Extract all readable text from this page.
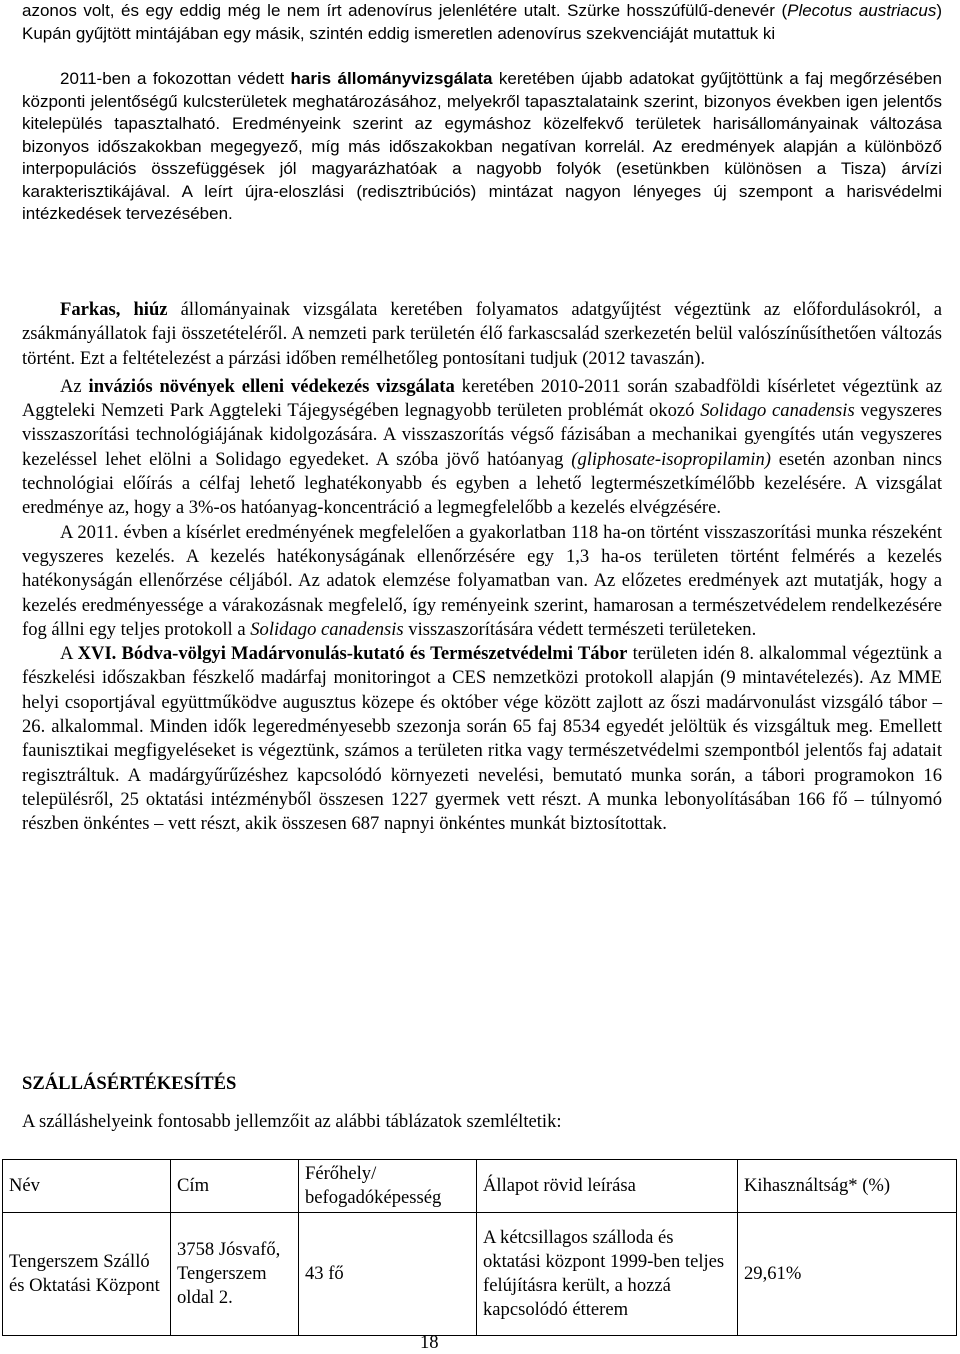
azonos volt, és egy eddig még le nem írt adenovírus jelenlétére utalt. Szürke hosszúfülű-denevér (Plecotus austriacus) Kupán gyűjtött mintájában egy másik, szintén eddig ismeretlen adenovírus szekvenciáját mutattuk ki

2011-ben a fokozottan védett haris állományvizsgálata keretében újabb adatokat gyűjtöttünk a faj megőrzésében központi jelentőségű kulcsterületek meghatározásához, melyekről tapasztalataink szerint, bizonyos években igen jelentős kitelepülés tapasztalható. Eredményeink szerint az egymáshoz közelfekvő területek harisállományainak változása bizonyos időszakokban megegyező, míg más időszakokban negatívan korrelál. Az eredmények alapján a különböző interpopulációs összefüggések jól magyarázhatóak a nagyobb folyók (esetünkben különösen a Tisza) árvízi karakterisztikájával. A leírt újra-eloszlási (redisztribúciós) mintázat nagyon lényeges új szempont a harisvédelmi intézkedések tervezésében.

Farkas, hiúz állományainak vizsgálata keretében folyamatos adatgyűjtést végeztünk az előfordulásokról, a zsákmányállatok faji összetételéről. A nemzeti park területén élő farkascsalád szerkezetén belül valószínűsíthetően változás történt. Ezt a feltételezést a párzási időben remélhetőleg pontosítani tudjuk (2012 tavaszán).

Az inváziós növények elleni védekezés vizsgálata keretében 2010-2011 során szabadföldi kísérletet végeztünk az Aggteleki Nemzeti Park Aggteleki Tájegységében legnagyobb területen problémát okozó Solidago canadensis vegyszeres visszaszorítási technológiájának kidolgozására. A visszaszorítás végső fázisában a mechanikai gyengítés után vegyszeres kezeléssel lehet elölni a Solidago egyedeket. A szóba jövő hatóanyag (gliphosate-isopropilamin) esetén azonban nincs technológiai előírás a célfaj lehető leghatékonyabb és egyben a lehető legtermészetkímélőbb kezelésére. A vizsgálat eredménye az, hogy a 3%-os hatóanyag-koncentráció a legmegfelelőbb a kezelés elvégzésére.

A 2011. évben a kísérlet eredményének megfelelően a gyakorlatban 118 ha-on történt visszaszorítási munka részeként vegyszeres kezelés. A kezelés hatékonyságának ellenőrzésére egy 1,3 ha-os területen történt felmérés a kezelés hatékonyságán ellenőrzése céljából. Az adatok elemzése folyamatban van. Az előzetes eredmények azt mutatják, hogy a kezelés eredményessége a várakozásnak megfelelő, így reményeink szerint, hamarosan a természetvédelem rendelkezésére fog állni egy teljes protokoll a Solidago canadensis visszaszorítására védett természeti területeken.

A XVI. Bódva-völgyi Madárvonulás-kutató és Természetvédelmi Tábor területen idén 8. alkalommal végeztünk a fészkelési időszakban fészkelő madárfaj monitoringot a CES nemzetközi protokoll alapján (9 mintavételezés). Az MME helyi csoportjával együttműködve augusztus közepe és október vége között zajlott az őszi madárvonulást vizsgáló tábor – 26. alkalommal. Minden idők legeredményesebb szezonja során 65 faj 8534 egyedét jelöltük és vizsgáltuk meg. Emellett faunisztikai megfigyeléseket is végeztünk, számos a területen ritka vagy természetvédelmi szempontból jelentős faj adatait regisztráltuk. A madárgyűrűzéshez kapcsolódó környezeti nevelési, bemutató munka során, a tábori programokon 16 településről, 25 oktatási intézményből összesen 1227 gyermek vett részt. A munka lebonyolításában 166 fő – túlnyomó részben önkéntes – vett részt, akik összesen 687 napnyi önkéntes munkát biztosítottak.

SZÁLLÁSÉRTÉKESÍTÉS
A szálláshelyeink fontosabb jellemzőit az alábbi táblázatok szemléltetik:
Név	Cím	Férőhely/ befogadóképesség	Állapot rövid leírása	Kihasználtság* (%)
Tengerszem Szálló és Oktatási Központ	3758 Jósvafő, Tengerszem oldal 2.	43 fő	A kétcsillagos szálloda és oktatási központ 1999-ben teljes felújításra került, a hozzá kapcsolódó étterem	29,61%
18
